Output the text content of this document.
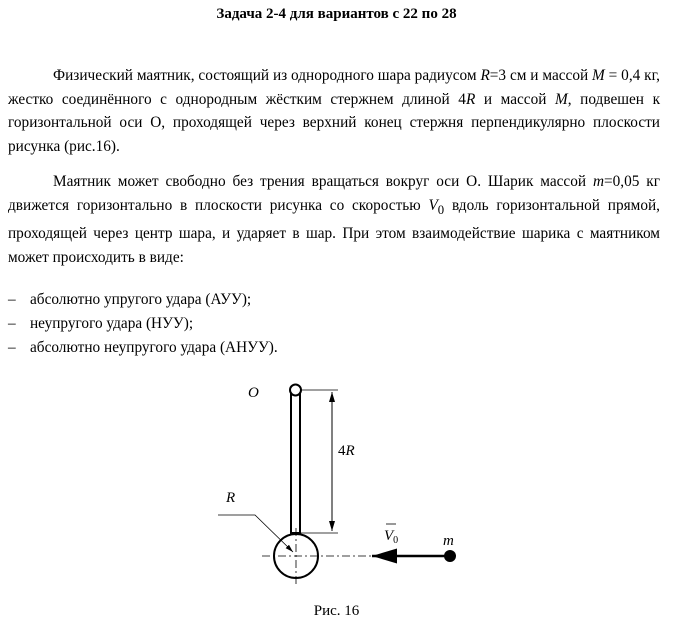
Задача 2-4 для вариантов с 22 по 28
Физический маятник, состоящий из однородного шара радиусом R=3 см и массой M = 0,4 кг, жестко соединённого с однородным жёстким стержнем длиной 4R и массой M, подвешен к горизонтальной оси О, проходящей через верхний конец стержня перпендикулярно плоскости рисунка (рис.16).
Маятник может свободно без трения вращаться вокруг оси О. Шарик массой m=0,05 кг движется горизонтально в плоскости рисунка со скоростью $V_0$ вдоль горизонтальной прямой, проходящей через центр шара, и ударяет в шар. При этом взаимодействие шарика с маятником может происходить в виде:
– абсолютно упругого удара (АУУ);
– неупругого удара (НУУ);
– абсолютно неупругого удара (АНУУ).
O
4R
R
$V_0$	m
Рис. 16
